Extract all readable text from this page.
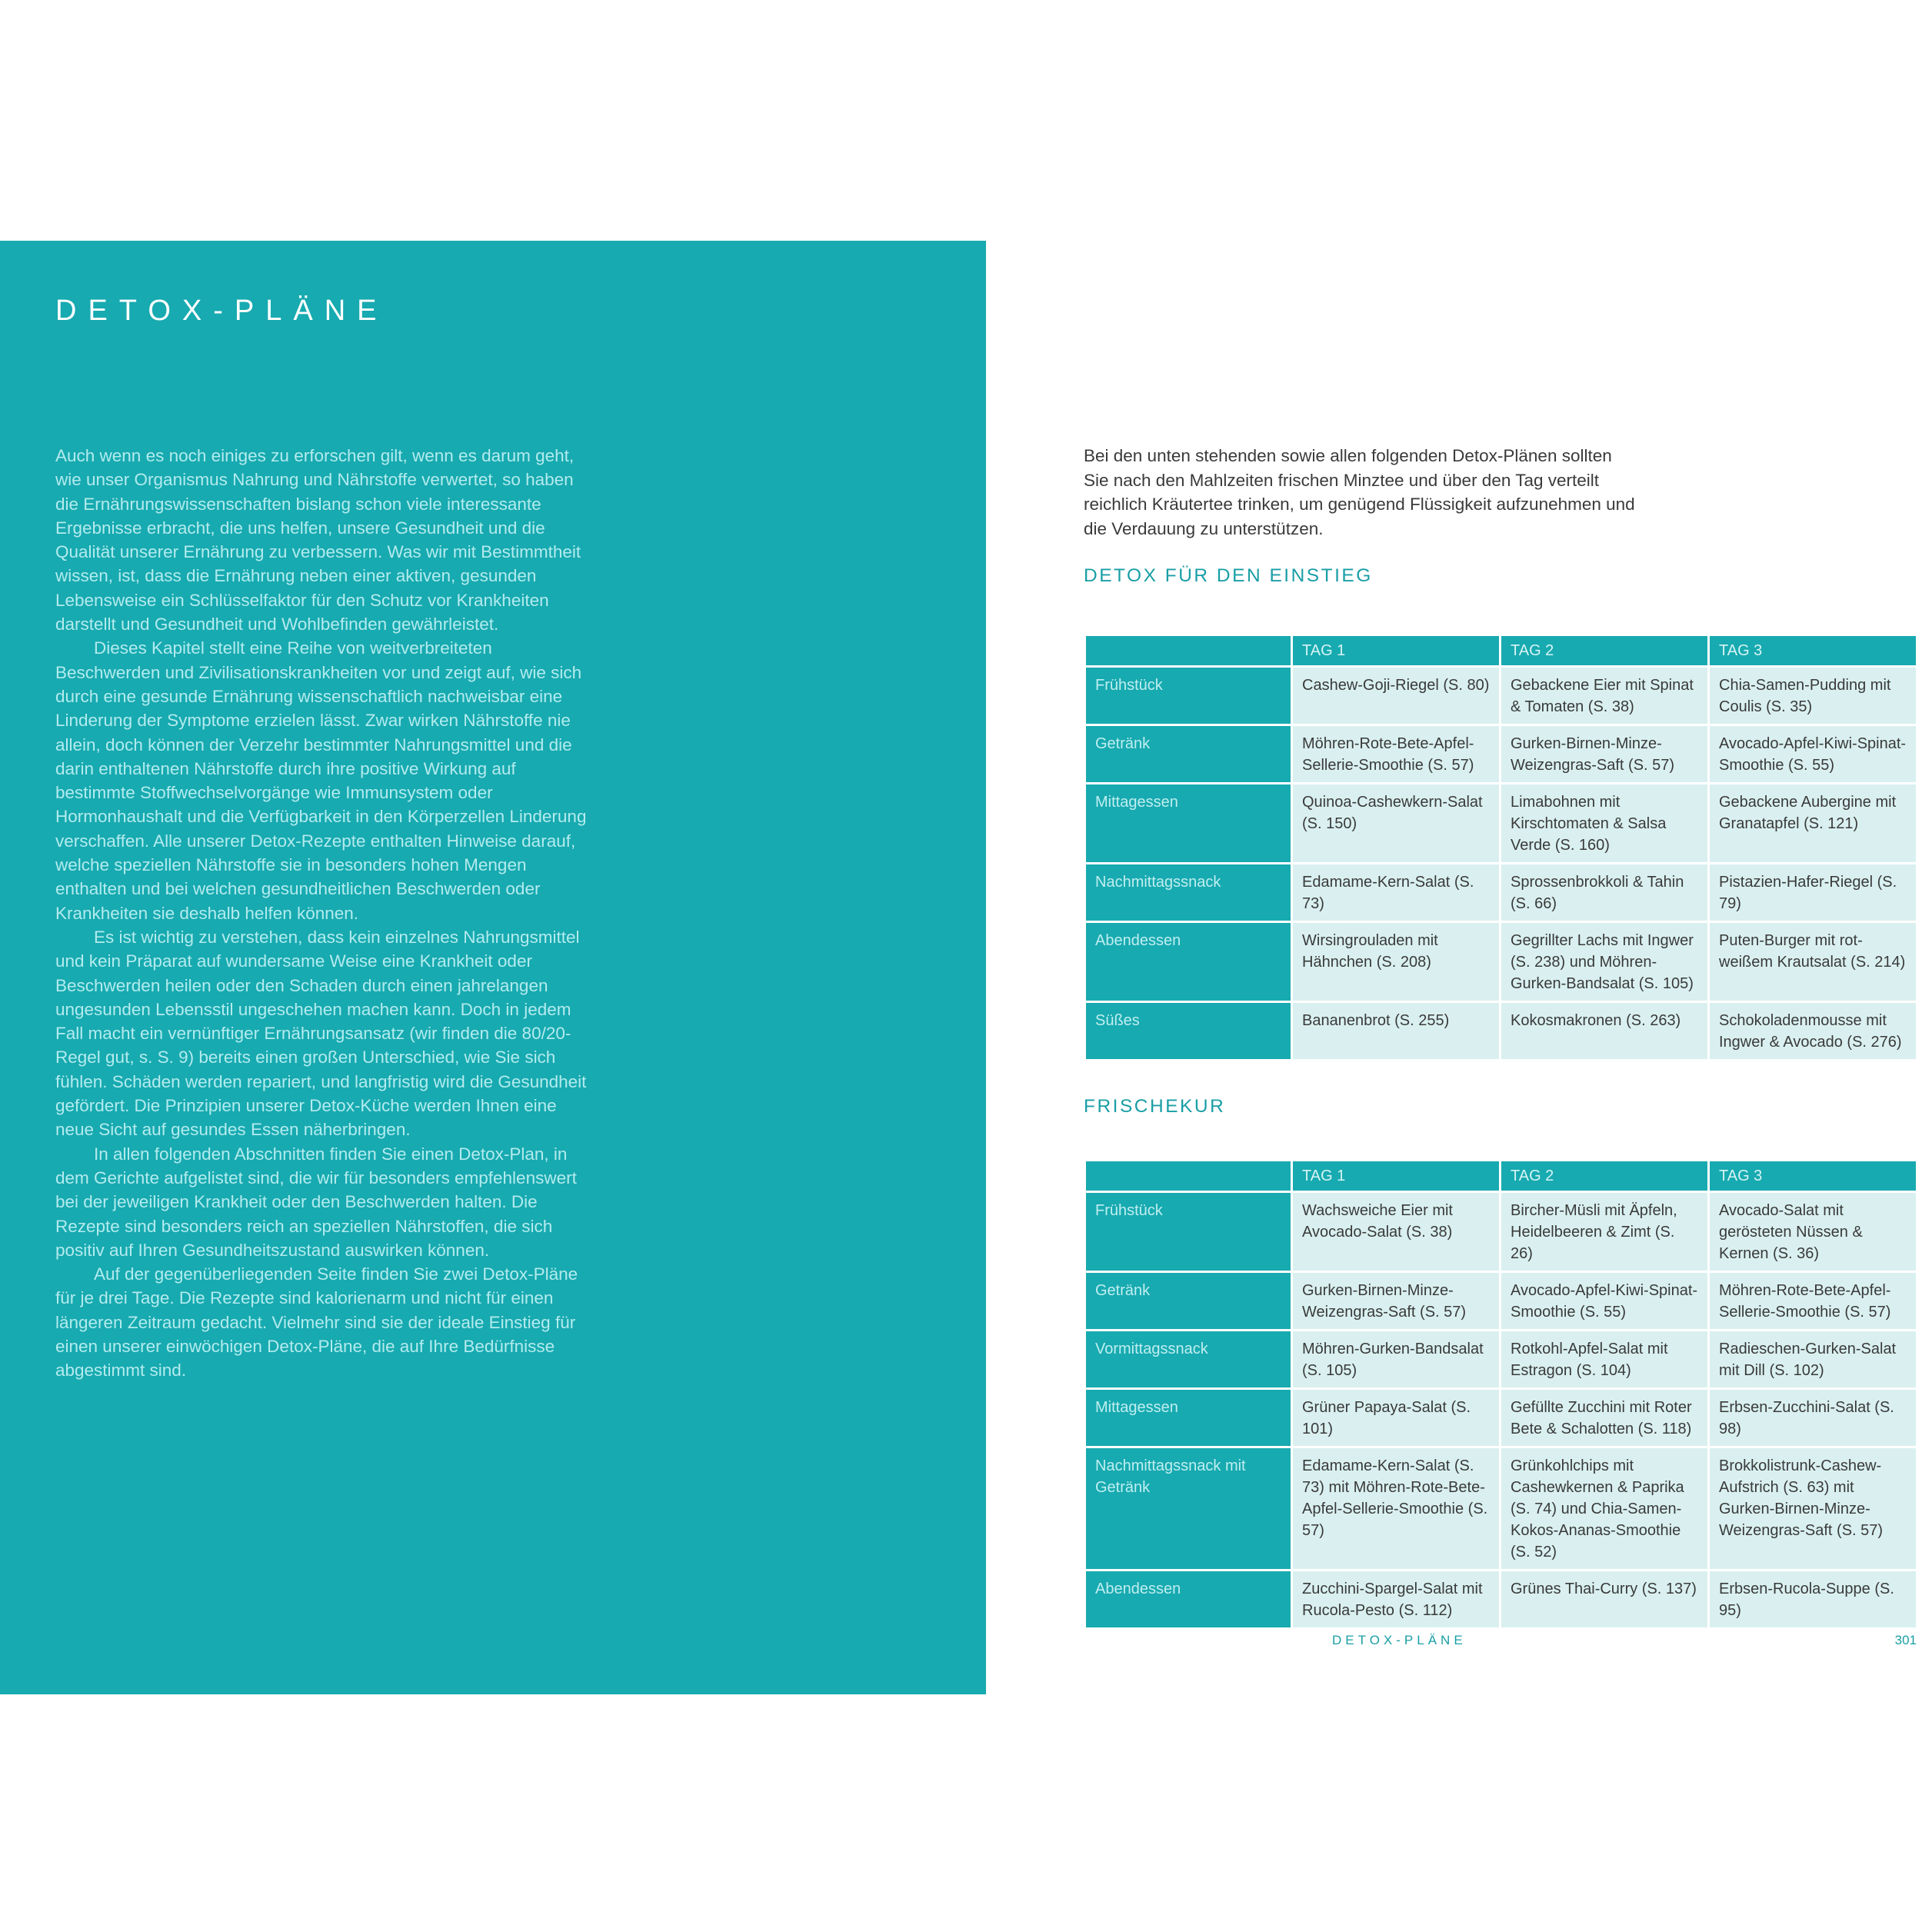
DETOX-PLÄNE

Auch wenn es noch einiges zu erforschen gilt, wenn es darum geht, wie unser Organismus Nahrung und Nährstoffe verwertet, so haben die Ernährungswissenschaften bislang schon viele interessante Ergebnisse erbracht, die uns helfen, unsere Gesundheit und die Qualität unserer Ernährung zu verbessern. Was wir mit Bestimmtheit wissen, ist, dass die Ernährung neben einer aktiven, gesunden Lebensweise ein Schlüsselfaktor für den Schutz vor Krankheiten darstellt und Gesundheit und Wohlbefinden gewährleistet.

Dieses Kapitel stellt eine Reihe von weitverbreiteten Beschwerden und Zivilisationskrankheiten vor und zeigt auf, wie sich durch eine gesunde Ernährung wissenschaftlich nachweisbar eine Linderung der Symptome erzielen lässt. Zwar wirken Nährstoffe nie allein, doch können der Verzehr bestimmter Nahrungsmittel und die darin enthaltenen Nährstoffe durch ihre positive Wirkung auf bestimmte Stoffwechselvorgänge wie Immunsystem oder Hormonhaushalt und die Verfügbarkeit in den Körperzellen Linderung verschaffen. Alle unserer Detox-Rezepte enthalten Hinweise darauf, welche speziellen Nährstoffe sie in besonders hohen Mengen enthalten und bei welchen gesundheitlichen Beschwerden oder Krankheiten sie deshalb helfen können.

Es ist wichtig zu verstehen, dass kein einzelnes Nahrungsmittel und kein Präparat auf wundersame Weise eine Krankheit oder Beschwerden heilen oder den Schaden durch einen jahrelangen ungesunden Lebensstil ungeschehen machen kann. Doch in jedem Fall macht ein vernünftiger Ernährungsansatz (wir finden die 80/20-Regel gut, s. S. 9) bereits einen großen Unterschied, wie Sie sich fühlen. Schäden werden repariert, und langfristig wird die Gesundheit gefördert. Die Prinzipien unserer Detox-Küche werden Ihnen eine neue Sicht auf gesundes Essen näherbringen.

In allen folgenden Abschnitten finden Sie einen Detox-Plan, in dem Gerichte aufgelistet sind, die wir für besonders empfehlenswert bei der jeweiligen Krankheit oder den Beschwerden halten. Die Rezepte sind besonders reich an speziellen Nährstoffen, die sich positiv auf Ihren Gesundheitszustand auswirken können.

Auf der gegenüberliegenden Seite finden Sie zwei Detox-Pläne für je drei Tage. Die Rezepte sind kalorienarm und nicht für einen längeren Zeitraum gedacht. Vielmehr sind sie der ideale Einstieg für einen unserer einwöchigen Detox-Pläne, die auf Ihre Bedürfnisse abgestimmt sind.

Bei den unten stehenden sowie allen folgenden Detox-Plänen sollten Sie nach den Mahlzeiten frischen Minztee und über den Tag verteilt reichlich Kräutertee trinken, um genügend Flüssigkeit aufzunehmen und die Verdauung zu unterstützen.
DETOX FÜR DEN EINSTIEG
	TAG 1	TAG 2	TAG 3
Frühstück	Cashew-Goji-Riegel (S. 80)	Gebackene Eier mit Spinat & Tomaten (S. 38)	Chia-Samen-Pudding mit Coulis (S. 35)
Getränk	Möhren-Rote-Bete-Apfel-Sellerie-Smoothie (S. 57)	Gurken-Birnen-Minze-Weizengras-Saft (S. 57)	Avocado-Apfel-Kiwi-Spinat-Smoothie (S. 55)
Mittagessen	Quinoa-Cashewkern-Salat (S. 150)	Limabohnen mit Kirschtomaten & Salsa Verde (S. 160)	Gebackene Aubergine mit Granatapfel (S. 121)
Nachmittagssnack	Edamame-Kern-Salat (S. 73)	Sprossenbrokkoli & Tahin (S. 66)	Pistazien-Hafer-Riegel (S. 79)
Abendessen	Wirsingrouladen mit Hähnchen (S. 208)	Gegrillter Lachs mit Ingwer (S. 238) und Möhren-Gurken-Bandsalat (S. 105)	Puten-Burger mit rot-weißem Krautsalat (S. 214)
Süßes	Bananenbrot (S. 255)	Kokosmakronen (S. 263)	Schokoladenmousse mit Ingwer & Avocado (S. 276)
FRISCHEKUR
	TAG 1	TAG 2	TAG 3
Frühstück	Wachsweiche Eier mit Avocado-Salat (S. 38)	Bircher-Müsli mit Äpfeln, Heidelbeeren & Zimt (S. 26)	Avocado-Salat mit gerösteten Nüssen & Kernen (S. 36)
Getränk	Gurken-Birnen-Minze-Weizengras-Saft (S. 57)	Avocado-Apfel-Kiwi-Spinat-Smoothie (S. 55)	Möhren-Rote-Bete-Apfel-Sellerie-Smoothie (S. 57)
Vormittagssnack	Möhren-Gurken-Bandsalat (S. 105)	Rotkohl-Apfel-Salat mit Estragon (S. 104)	Radieschen-Gurken-Salat mit Dill (S. 102)
Mittagessen	Grüner Papaya-Salat (S. 101)	Gefüllte Zucchini mit Roter Bete & Schalotten (S. 118)	Erbsen-Zucchini-Salat (S. 98)
Nachmittagssnack mit Getränk	Edamame-Kern-Salat (S. 73) mit Möhren-Rote-Bete-Apfel-Sellerie-Smoothie (S. 57)	Grünkohlchips mit Cashewkernen & Paprika (S. 74) und Chia-Samen-Kokos-Ananas-Smoothie (S. 52)	Brokkolistrunk-Cashew-Aufstrich (S. 63) mit Gurken-Birnen-Minze-Weizengras-Saft (S. 57)
Abendessen	Zucchini-Spargel-Salat mit Rucola-Pesto (S. 112)	Grünes Thai-Curry (S. 137)	Erbsen-Rucola-Suppe (S. 95)
DETOX-PLÄNE	301
